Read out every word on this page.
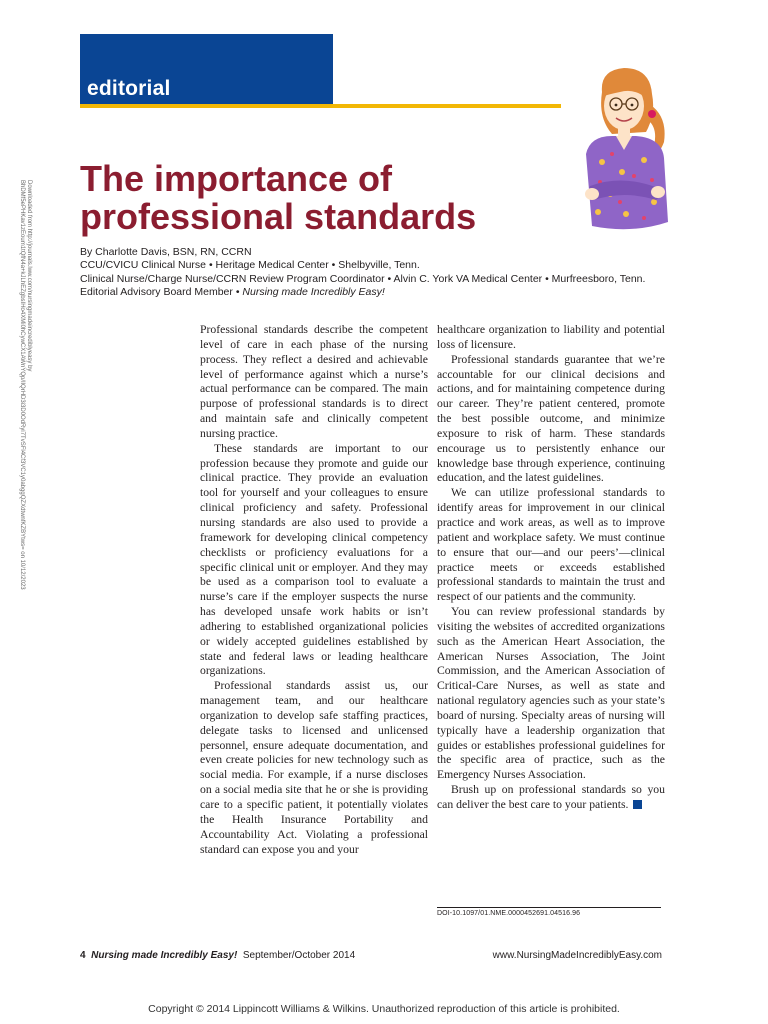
editorial
The importance of professional standards
By Charlotte Davis, BSN, RN, CCRN
CCU/CVICU Clinical Nurse • Heritage Medical Center • Shelbyville, Tenn.
Clinical Nurse/Charge Nurse/CCRN Review Program Coordinator • Alvin C. York VA Medical Center • Murfreesboro, Tenn.
Editorial Advisory Board Member • Nursing made Incredibly Easy!
Downloaded from http://journals.lww.com/nursingmadeincrediblyeasy by BhDMf5ePHKav1zEoum1tQfN4a+kJLhEZgbsIHo4XMi0hCywCX1AWnYQp/IlQrHD3i3D0OdRyi7TvSFl4Cf3VC1y0abggQZXdtwnfKZBYtws= on 10/12/2023	Professional standards describe the competent level of care in each phase of the nursing process. They reflect a desired and achievable level of performance against which a nurse’s actual performance can be compared. The main purpose of professional standards is to direct and maintain safe and clinically competent nursing practice.

These standards are important to our profession because they promote and guide our clinical practice. They provide an evaluation tool for yourself and your colleagues to ensure clinical proficiency and safety. Professional nursing standards are also used to provide a framework for developing clinical competency checklists or proficiency evaluations for a specific clinical unit or employer. And they may be used as a comparison tool to evaluate a nurse’s care if the employer suspects the nurse has developed unsafe work habits or isn’t adhering to established organizational policies or widely accepted guidelines established by state and federal laws or leading healthcare organizations.

Professional standards assist us, our management team, and our healthcare organization to develop safe staffing practices, delegate tasks to licensed and unlicensed personnel, ensure adequate documentation, and even create policies for new technology such as social media. For example, if a nurse discloses on a social media site that he or she is providing care to a specific patient, it potentially violates the Health Insurance Portability and Accountability Act. Violating a professional standard can expose you and your

healthcare organization to liability and potential loss of licensure.

Professional standards guarantee that we’re accountable for our clinical decisions and actions, and for maintaining competence during our career. They’re patient centered, promote the best possible outcome, and minimize exposure to risk of harm. These standards encourage us to persistently enhance our knowledge base through experience, continuing education, and the latest guidelines.

We can utilize professional standards to identify areas for improvement in our clinical practice and work areas, as well as to improve patient and workplace safety. We must continue to ensure that our—and our peers’—clinical practice meets or exceeds established professional standards to maintain the trust and respect of our patients and the community.

You can review professional standards by visiting the websites of accredited organizations such as the American Heart Association, the American Nurses Association, The Joint Commission, and the American Association of Critical-Care Nurses, as well as state and national regulatory agencies such as your state’s board of nursing. Specialty areas of nursing will typically have a leadership organization that guides or establishes professional guidelines for the specific area of practice, such as the Emergency Nurses Association.

Brush up on professional standards so you can deliver the best care to your patients.

DOI-10.1097/01.NME.0000452691.04516.96
4 Nursing made Incredibly Easy! September/October 2014	www.NursingMadeIncrediblyEasy.com
Copyright © 2014 Lippincott Williams & Wilkins. Unauthorized reproduction of this article is prohibited.
